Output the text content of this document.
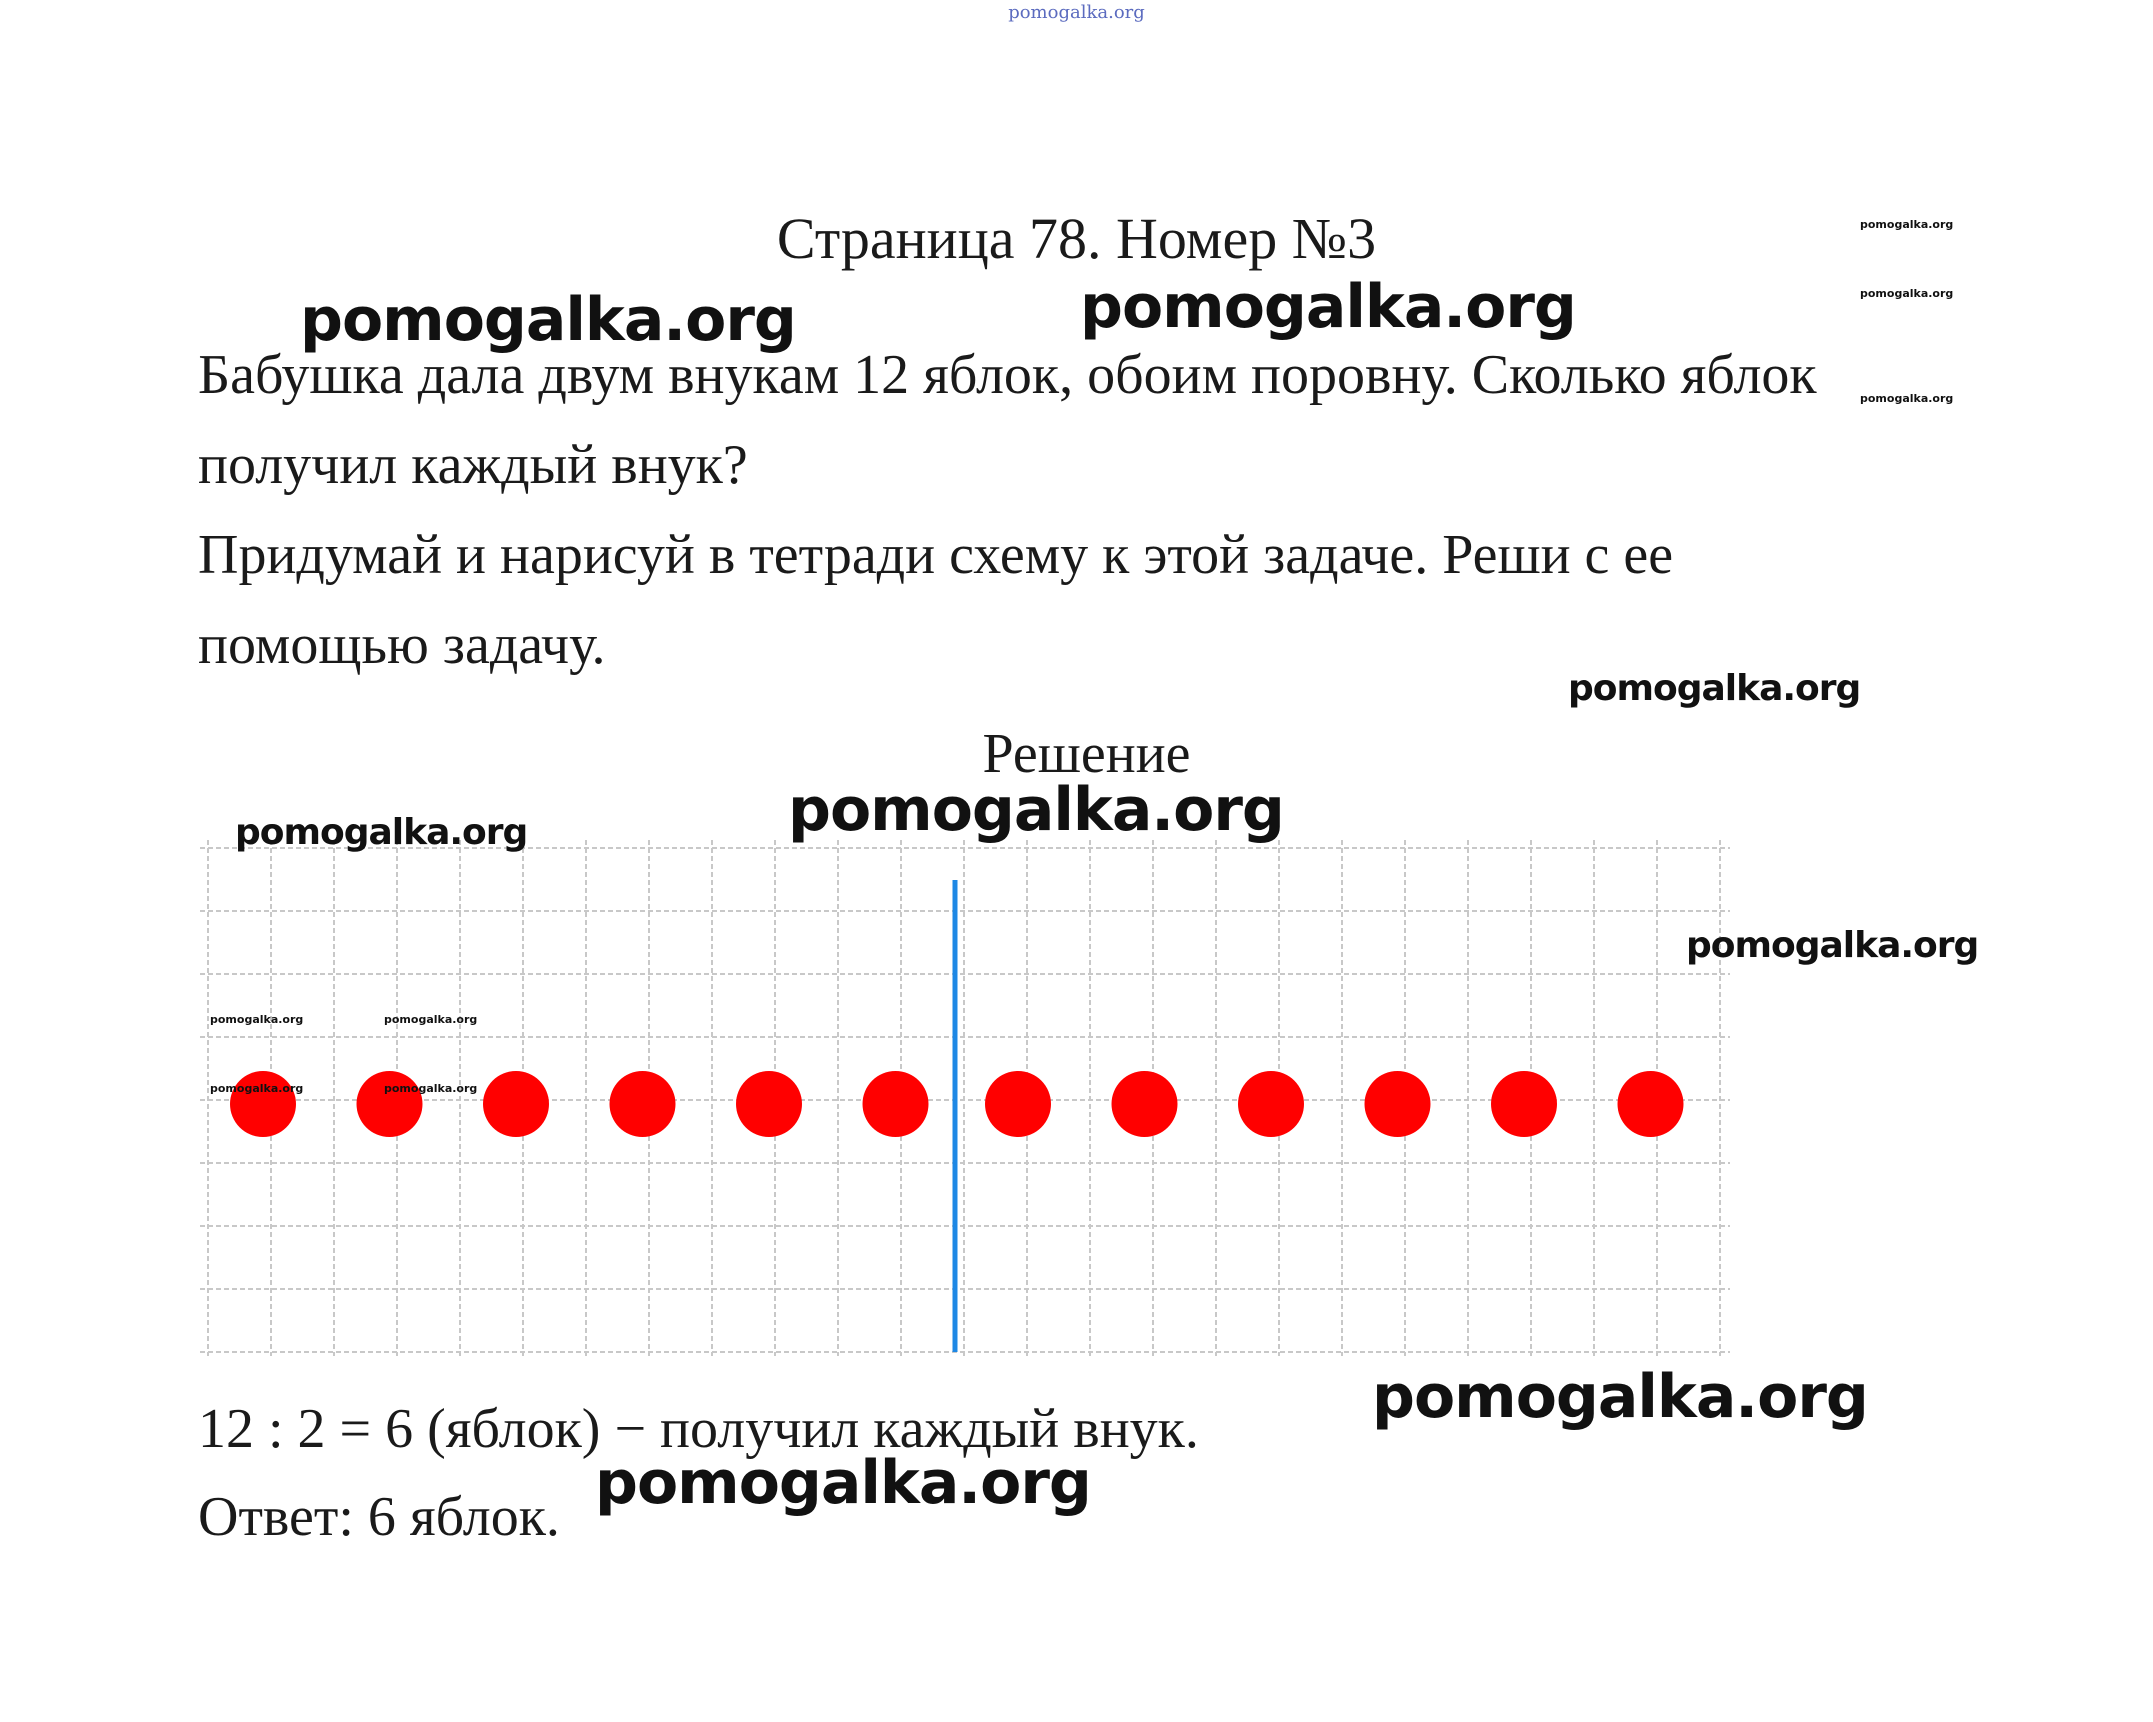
pomogalka.org
Страница 78. Номер №3

Бабушка дала двум внукам 12 яблок, обоим поровну. Сколько яблок

получил каждый внук?

Придумай и нарисуй в тетради схему к этой задаче. Реши с ее

помощью задачу.

Решение

12 : 2 = 6 (яблок) − получил каждый внук.

Ответ: 6 яблок.

pomogalka.org	pomogalka.org
pomogalka.org
pomogalka.org
pomogalka.org
pomogalka.org
pomogalka.org
pomogalka.org
pomogalka.org
pomogalka.org	pomogalka.org
pomogalka.org	pomogalka.org
pomogalka.org
pomogalka.org
